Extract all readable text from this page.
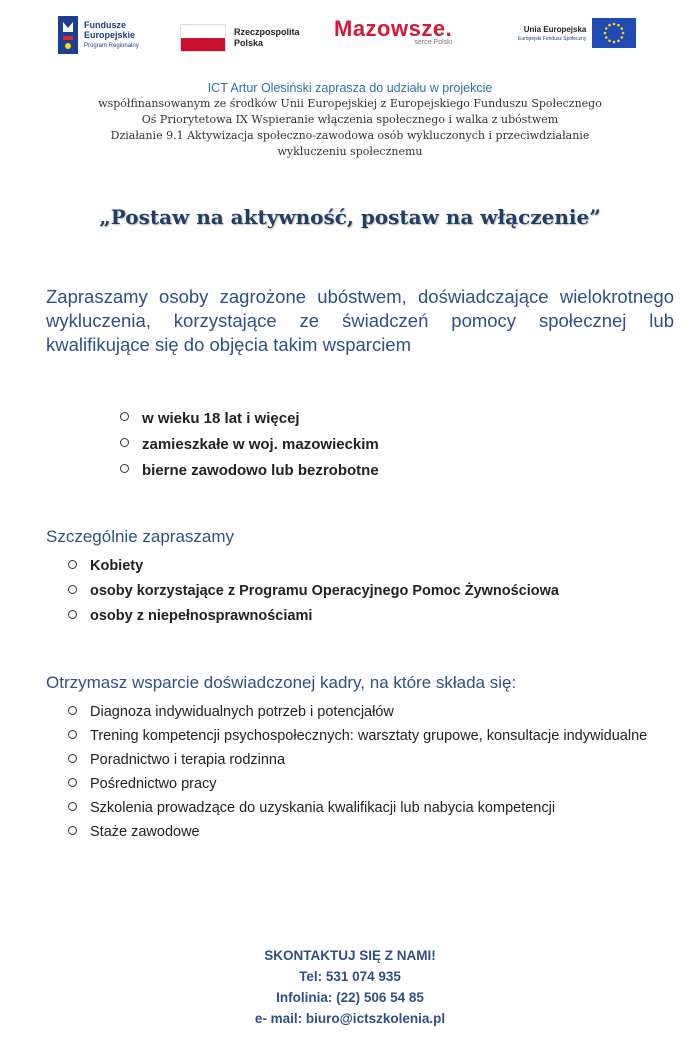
Fundusze
Europejskie
Program Regionalny
Rzeczpospolita
Polska
Mazowsze.
serce Polski
Unia Europejska
Europejski Fundusz Społeczny
ICT Artur Olesiński zaprasza do udziału w projekcie
współfinansowanym ze środków Unii Europejskiej z Europejskiego Funduszu Społecznego
Oś Priorytetowa IX Wspieranie włączenia społecznego i walka z ubóstwem
Działanie 9.1 Aktywizacja społeczno-zawodowa osób wykluczonych i przeciwdziałanie
wykluczeniu społecznemu
„Postaw na aktywność, postaw na włączenie”
Zapraszamy osoby zagrożone ubóstwem, doświadczające wielokrotnego wykluczenia, korzystające ze świadczeń pomocy społecznej lub kwalifikujące się do objęcia takim wsparciem
w wieku 18 lat i więcej
zamieszkałe w woj. mazowieckim
bierne zawodowo lub bezrobotne
Szczególnie zapraszamy
Kobiety
osoby korzystające z Programu Operacyjnego Pomoc Żywnościowa
osoby z niepełnosprawnościami
Otrzymasz wsparcie doświadczonej kadry, na które składa się:
Diagnoza indywidualnych potrzeb i potencjałów
Trening kompetencji psychospołecznych: warsztaty grupowe, konsultacje indywidualne
Poradnictwo i terapia rodzinna
Pośrednictwo pracy
Szkolenia prowadzące do uzyskania kwalifikacji lub nabycia kompetencji
Staże zawodowe
SKONTAKTUJ SIĘ Z NAMI!
Tel: 531 074 935
Infolinia: (22) 506 54 85
e- mail: biuro@ictszkolenia.pl
